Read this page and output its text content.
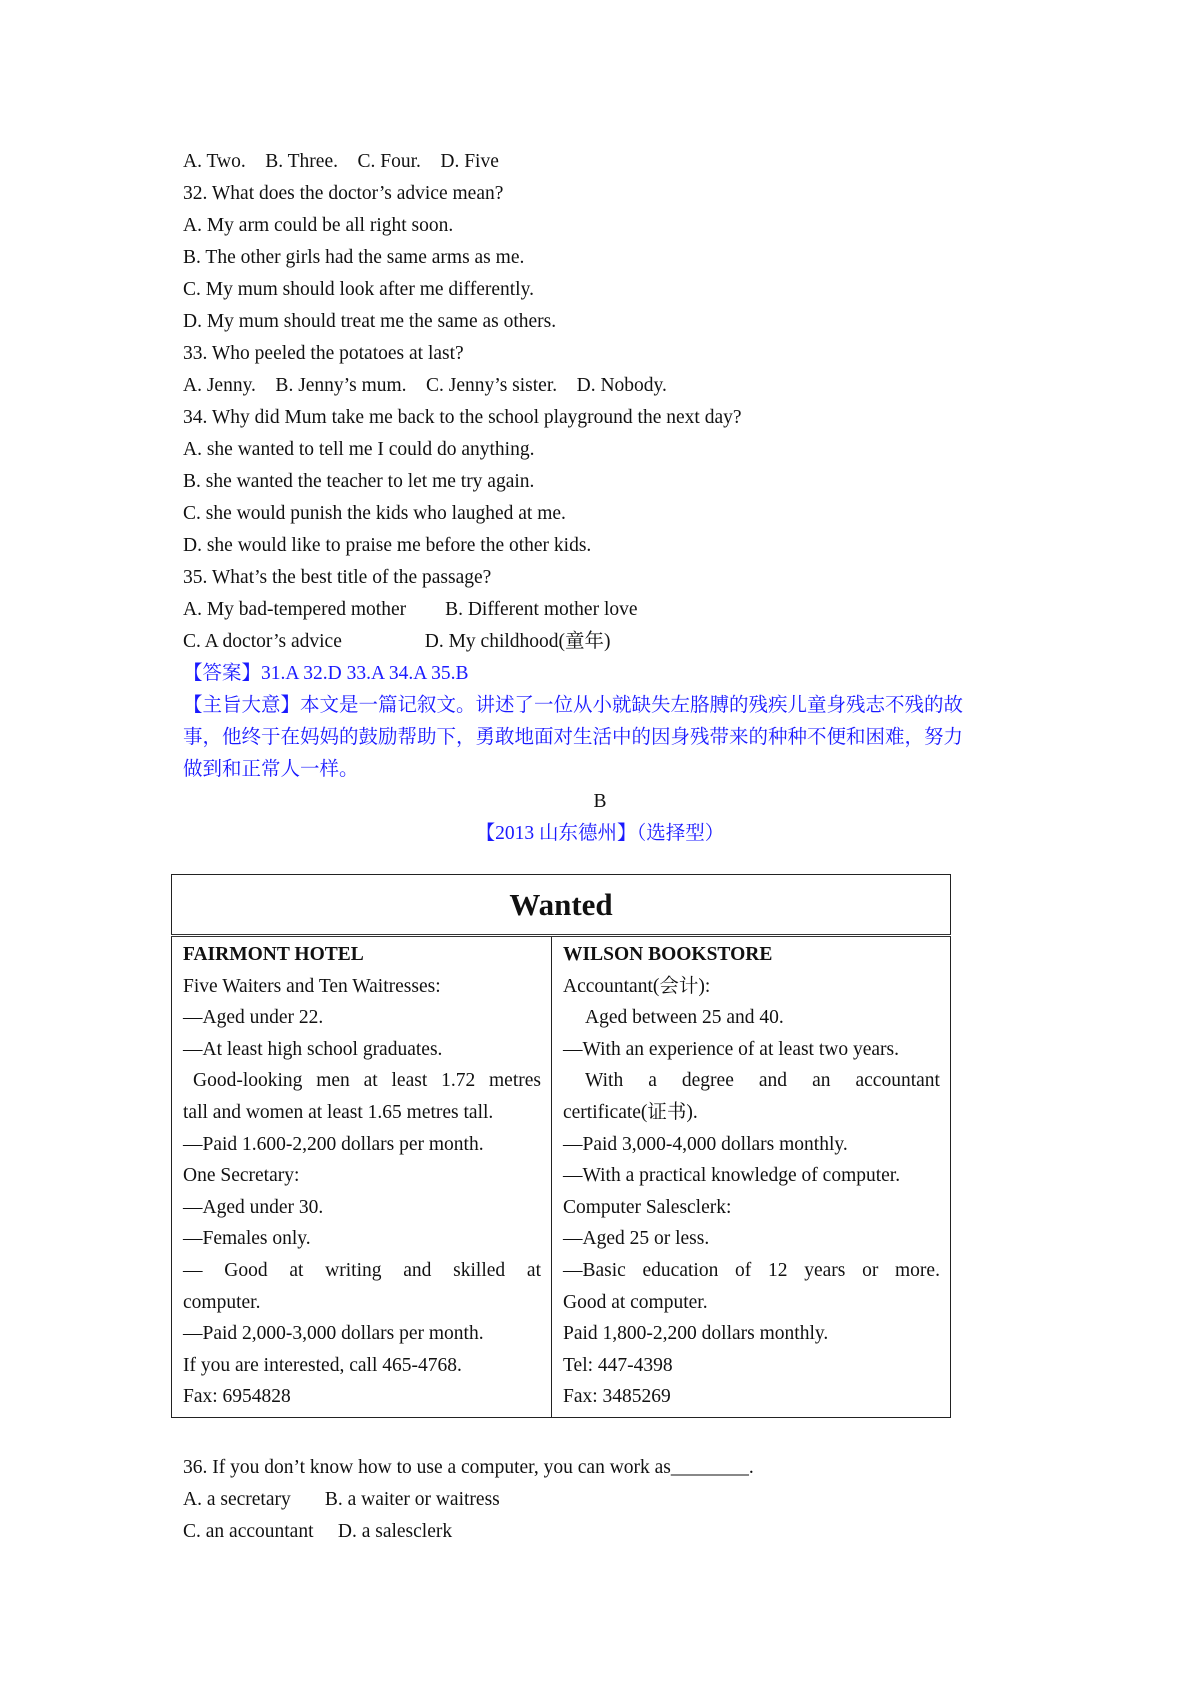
A. Two.    B. Three.    C. Four.    D. Five
32. What does the doctor’s advice mean?
A. My arm could be all right soon.
B. The other girls had the same arms as me.
C. My mum should look after me differently.
D. My mum should treat me the same as others.
33. Who peeled the potatoes at last?
A. Jenny.    B. Jenny’s mum.    C. Jenny’s sister.    D. Nobody.
34. Why did Mum take me back to the school playground the next day?
A. she wanted to tell me I could do anything.
B. she wanted the teacher to let me try again.
C. she would punish the kids who laughed at me.
D. she would like to praise me before the other kids.
35. What’s the best title of the passage?
A. My bad-tempered mother        B. Different mother love
C. A doctor’s advice                 D. My childhood(童年)
【答案】31.A 32.D 33.A 34.A 35.B
【主旨大意】本文是一篇记叙文。讲述了一位从小就缺失左胳膊的残疾儿童身残志不残的故
事，他终于在妈妈的鼓励帮助下，勇敢地面对生活中的因身残带来的种种不便和困难，努力
做到和正常人一样。
B
【2013 山东德州】（选择型）
Wanted

FAIRMONT HOTEL
Five Waiters and Ten Waitresses:
—Aged under 22.
—At least high school graduates.
Good-looking men at least 1.72 metres
tall and women at least 1.65 metres tall.
—Paid 1.600-2,200 dollars per month.
One Secretary:
—Aged under 30.
—Females only.
— Good at writing and skilled at
computer.
—Paid 2,000-3,000 dollars per month.
If you are interested, call 465-4768.
Fax: 6954828

WILSON BOOKSTORE
Accountant(会计):
Aged between 25 and 40.
—With an experience of at least two years.
With a degree and an accountant
certificate(证书).
—Paid 3,000-4,000 dollars monthly.
—With a practical knowledge of computer.
Computer Salesclerk:
—Aged 25 or less.
—Basic education of 12 years or more.
Good at computer.
Paid 1,800-2,200 dollars monthly.
Tel: 447-4398
Fax: 3485269
36. If you don’t know how to use a computer, you can work as________.
A. a secretary       B. a waiter or waitress
C. an accountant     D. a salesclerk
